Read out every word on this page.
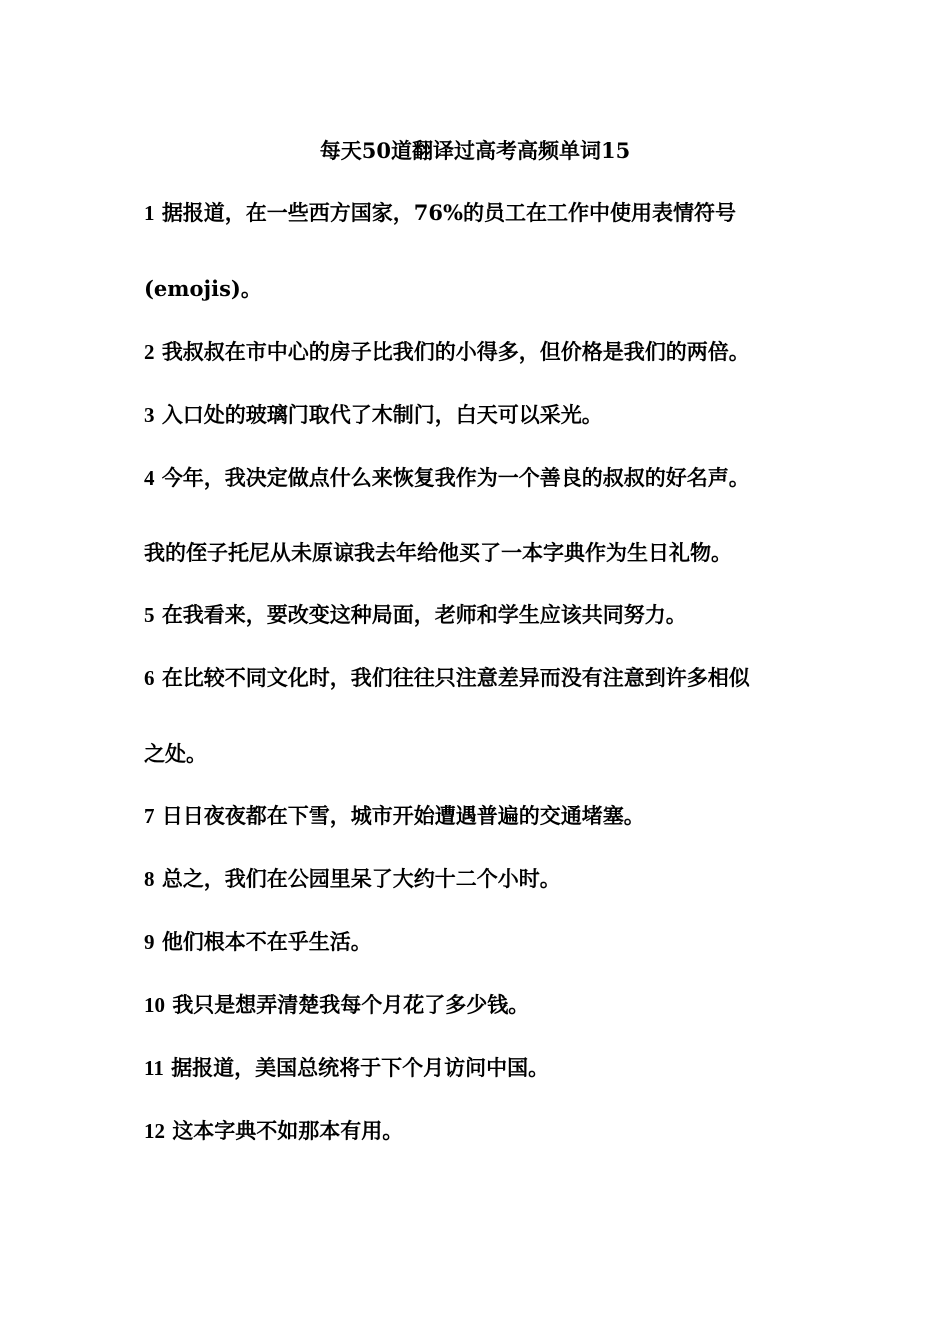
每天50道翻译过高考高频单词15
1 据报道，在一些西方国家，76%的员工在工作中使用表情符号
(emojis)。
2 我叔叔在市中心的房子比我们的小得多，但价格是我们的两倍。
3 入口处的玻璃门取代了木制门，白天可以采光。
4 今年，我决定做点什么来恢复我作为一个善良的叔叔的好名声。
我的侄子托尼从未原谅我去年给他买了一本字典作为生日礼物。
5 在我看来，要改变这种局面，老师和学生应该共同努力。
6 在比较不同文化时，我们往往只注意差异而没有注意到许多相似
之处。
7 日日夜夜都在下雪，城市开始遭遇普遍的交通堵塞。
8 总之，我们在公园里呆了大约十二个小时。
9 他们根本不在乎生活。
10 我只是想弄清楚我每个月花了多少钱。
11 据报道，美国总统将于下个月访问中国。
12 这本字典不如那本有用。
